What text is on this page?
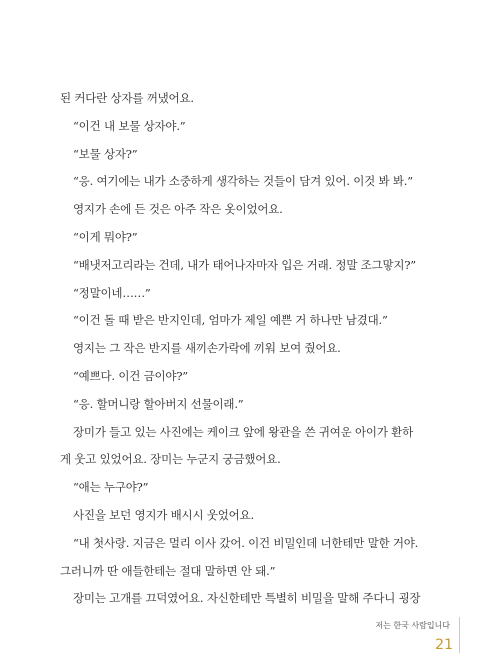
된 커다란 상자를 꺼냈어요.
“이건 내 보물 상자야.”
“보물 상자?”
“응. 여기에는 내가 소중하게 생각하는 것들이 담겨 있어. 이것 봐 봐.”
영지가 손에 든 것은 아주 작은 옷이었어요.
“이게 뭐야?”
“배냇저고리라는 건데, 내가 태어나자마자 입은 거래. 정말 조그맣지?”
“정말이네……”
“이건 돌 때 받은 반지인데, 엄마가 제일 예쁜 거 하나만 남겼대.”
영지는 그 작은 반지를 새끼손가락에 끼워 보여 줬어요.
“예쁘다. 이건 금이야?”
“응. 할머니랑 할아버지 선물이래.”
장미가 들고 있는 사진에는 케이크 앞에 왕관을 쓴 귀여운 아이가 환하
게 웃고 있었어요. 장미는 누군지 궁금했어요.
“애는 누구야?”
사진을 보던 영지가 배시시 웃었어요.
“내 첫사랑. 지금은 멀리 이사 갔어. 이건 비밀인데 너한테만 말한 거야.
그러니까 딴 애들한테는 절대 말하면 안 돼.”
장미는 고개를 끄덕였어요. 자신한테만 특별히 비밀을 말해 주다니 굉장
저는 한국 사람입니다
21
